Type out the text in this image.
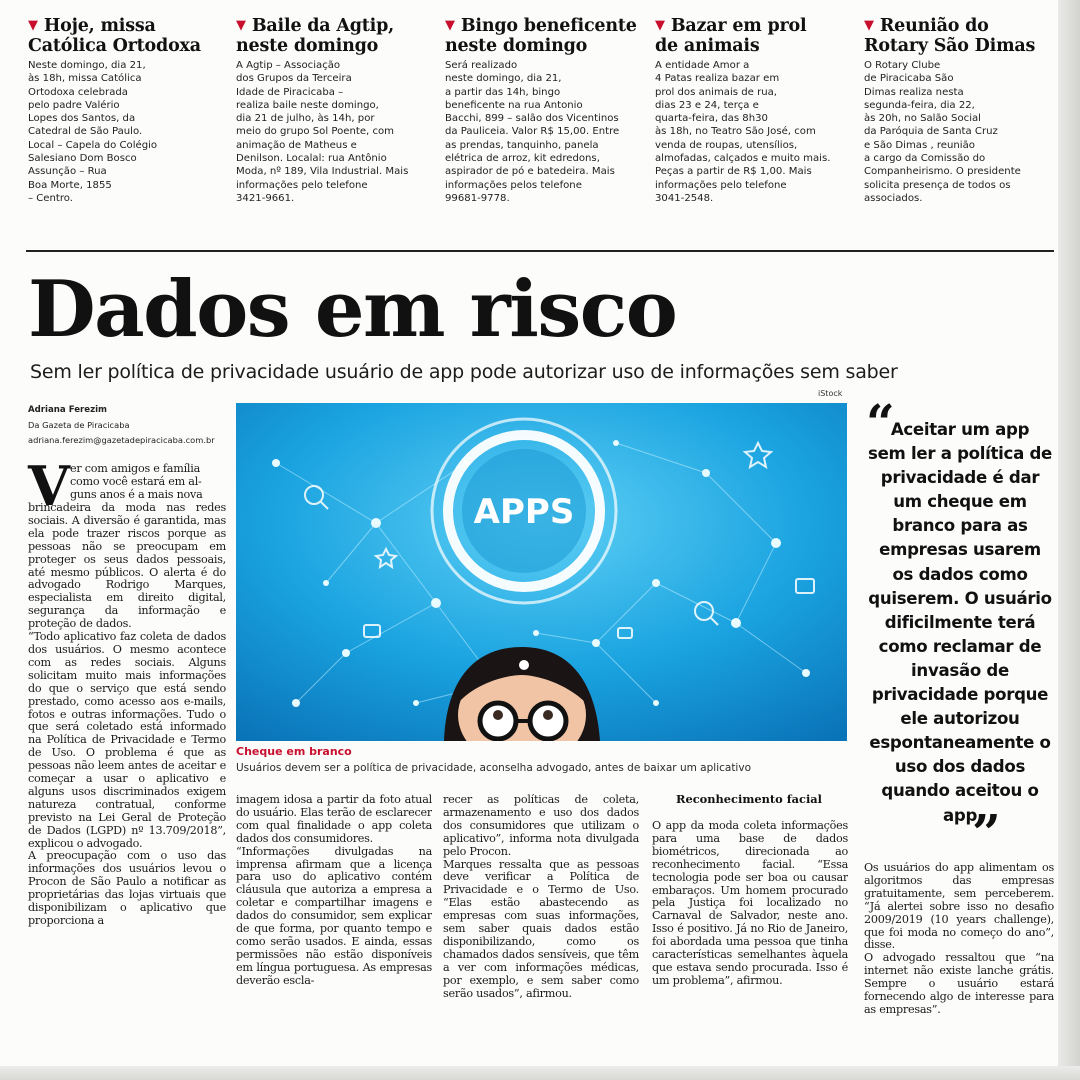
▼ Hoje, missa
Católica Ortodoxa

Neste domingo, dia 21,
às 18h, missa Católica
Ortodoxa celebrada
pelo padre Valério
Lopes dos Santos, da
Catedral de São Paulo.
Local – Capela do Colégio
Salesiano Dom Bosco
Assunção – Rua
Boa Morte, 1855
– Centro.

▼ Baile da Agtip,
neste domingo

A Agtip – Associação
dos Grupos da Terceira
Idade de Piracicaba –
realiza baile neste domingo,
dia 21 de julho, às 14h, por
meio do grupo Sol Poente, com
animação de Matheus e
Denilson. Localal: rua Antônio
Moda, nº 189, Vila Industrial. Mais
informações pelo telefone
3421-9661.

▼ Bingo beneficente
neste domingo

Será realizado
neste domingo, dia 21,
a partir das 14h, bingo
beneficente na rua Antonio
Bacchi, 899 – salão dos Vicentinos
da Pauliceia. Valor R$ 15,00. Entre
as prendas, tanquinho, panela
elétrica de arroz, kit edredons,
aspirador de pó e batedeira. Mais
informações pelos telefone
99681-9778.

▼ Bazar em prol
de animais

A entidade Amor a
4 Patas realiza bazar em
prol dos animais de rua,
dias 23 e 24, terça e
quarta-feira, das 8h30
às 18h, no Teatro São José, com
venda de roupas, utensílios,
almofadas, calçados e muito mais.
Peças a partir de R$ 1,00. Mais
informações pelo telefone
3041-2548.

▼ Reunião do
Rotary São Dimas

O Rotary Clube
de Piracicaba São
Dimas realiza nesta
segunda-feira, dia 22,
às 20h, no Salão Social
da Paróquia de Santa Cruz
e São Dimas , reunião
a cargo da Comissão do
Companheirismo. O presidente
solicita presença de todos os
associados.

Dados em risco
Sem ler política de privacidade usuário de app pode autorizar uso de informações sem saber
iStock
Adriana Ferezim
Da Gazeta de Piracicaba
adriana.ferezim@gazetadepiracicaba.com.br
V er com amigos e família
como você estará em al-
guns anos é a mais nova
brincadeira da moda nas redes sociais. A diversão é garantida, mas ela pode trazer riscos porque as pessoas não se preocupam em proteger os seus dados pessoais, até mesmo públicos. O alerta é do advogado Rodrigo Marques, especialista em direito digital, segurança da informação e proteção de dados.
“Todo aplicativo faz coleta de dados dos usuários. O mesmo acontece com as redes sociais. Alguns solicitam muito mais informações do que o serviço que está sendo prestado, como acesso aos e-mails, fotos e outras informações. Tudo o que será coletado está informado na Política de Privacidade e Termo de Uso. O problema é que as pessoas não leem antes de aceitar e começar a usar o aplicativo e alguns usos discriminados exigem natureza contratual, conforme previsto na Lei Geral de Proteção de Dados (LGPD) nº 13.709/2018”, explicou o advogado.
A preocupação com o uso das informações dos usuários levou o Procon de São Paulo a notificar as proprietárias das lojas virtuais que disponibilizam o aplicativo que proporciona a
APPS
Cheque em branco
Usuários devem ser a política de privacidade, aconselha advogado, antes de baixar um aplicativo
imagem idosa a partir da foto atual do usuário. Elas terão de esclarecer com qual finalidade o app coleta dados dos consumidores.
“Informações divulgadas na imprensa afirmam que a licença para uso do aplicativo contém cláusula que autoriza a empresa a coletar e compartilhar imagens e dados do consumidor, sem explicar de que forma, por quanto tempo e como serão usados. E ainda, essas permissões não estão disponíveis em língua portuguesa. As empresas deverão escla-
recer as políticas de coleta, armazenamento e uso dos dados dos consumidores que utilizam o aplicativo”, informa nota divulgada pelo Procon.
Marques ressalta que as pessoas deve verificar a Política de Privacidade e o Termo de Uso. “Elas estão abastecendo as empresas com suas informações, sem saber quais dados estão disponibilizando, como os chamados dados sensíveis, que têm a ver com informações médicas, por exemplo, e sem saber como serão usados”, afirmou.
Reconhecimento facial
O app da moda coleta informações para uma base de dados biométricos, direcionada ao reconhecimento facial. “Essa tecnologia pode ser boa ou causar embaraços. Um homem procurado pela Justiça foi localizado no Carnaval de Salvador, neste ano. Isso é positivo. Já no Rio de Janeiro, foi abordada uma pessoa que tinha características semelhantes àquela que estava sendo procurada. Isso é um problema”, afirmou.
“
Aceitar um app
sem ler a política de
privacidade é dar
um cheque em
branco para as
empresas usarem
os dados como
quiserem. O usuário
dificilmente terá
como reclamar de
invasão de
privacidade porque
ele autorizou
espontaneamente o
uso dos dados
quando aceitou o
app
”
Os usuários do app alimentam os algoritmos das empresas gratuitamente, sem perceberem. “Já alertei sobre isso no desafio 2009/2019 (10 years challenge), que foi moda no começo do ano”, disse.
O advogado ressaltou que “na internet não existe lanche grátis. Sempre o usuário estará fornecendo algo de interesse para as empresas”.
